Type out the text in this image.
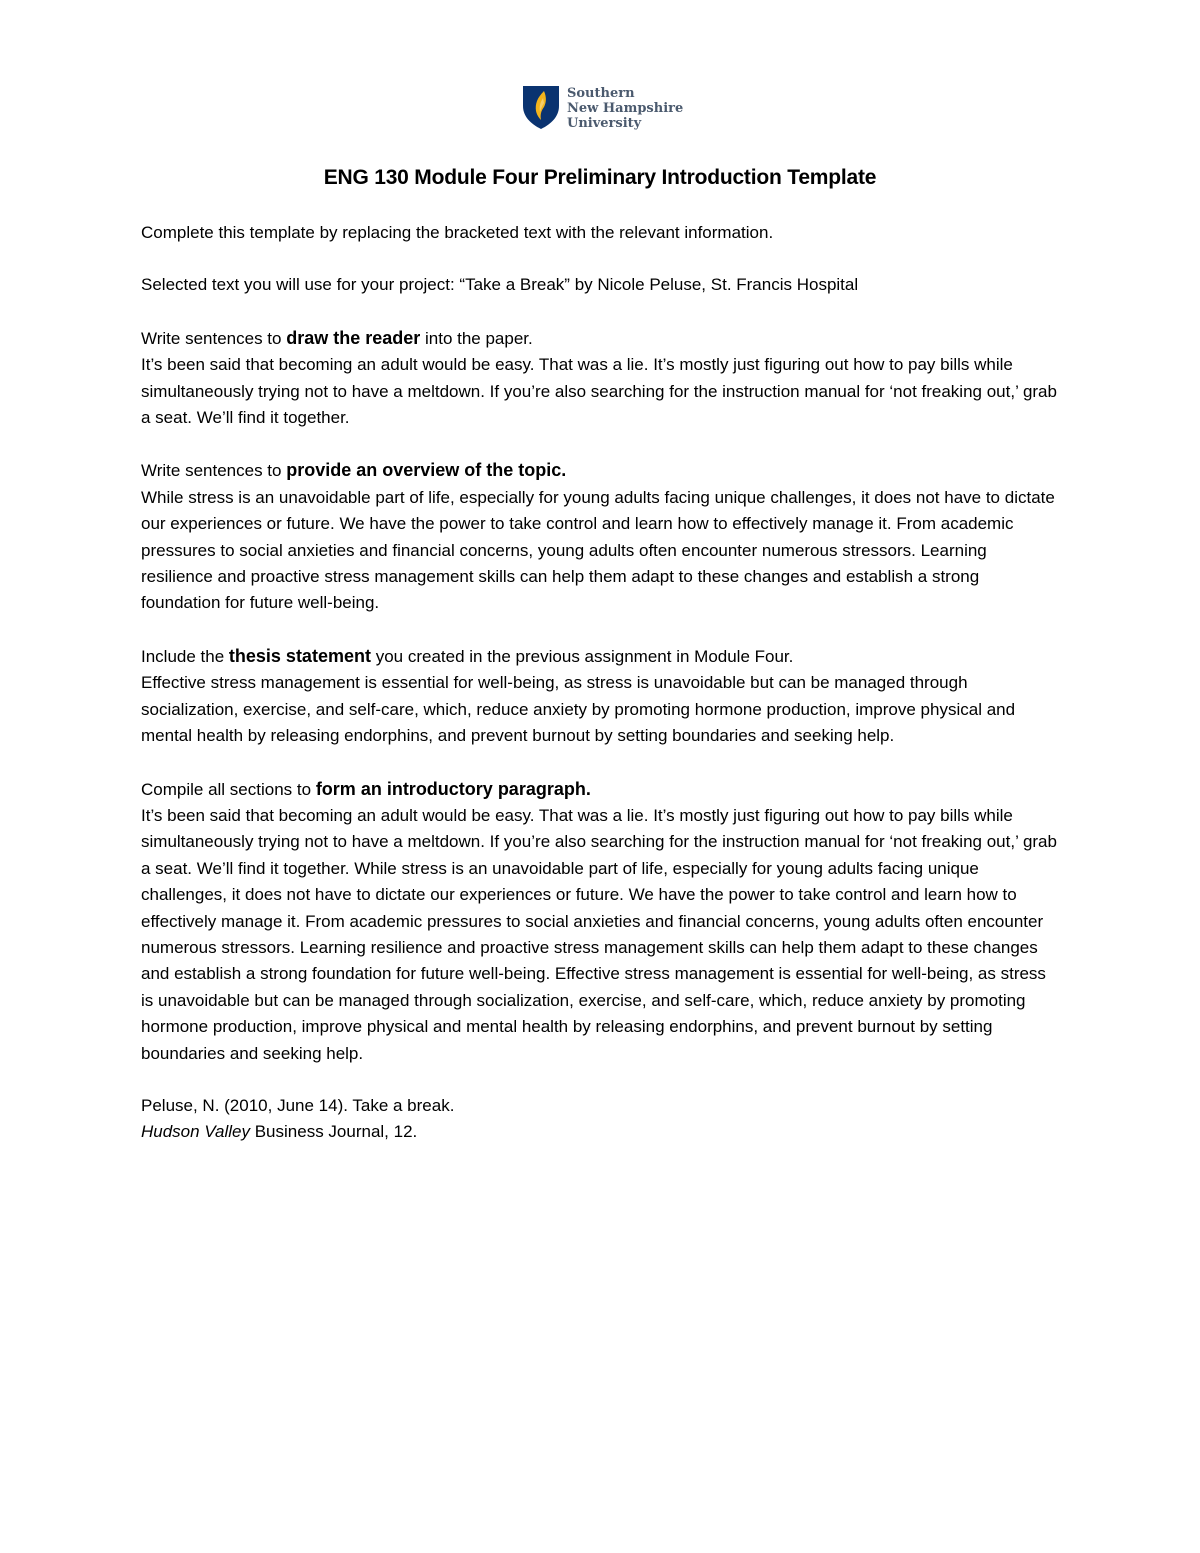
Southern
New Hampshire
University
ENG 130 Module Four Preliminary Introduction Template

Complete this template by replacing the bracketed text with the relevant information.

Selected text you will use for your project: “Take a Break” by Nicole Peluse, St. Francis Hospital

Write sentences to draw the reader into the paper.

It’s been said that becoming an adult would be easy. That was a lie. It’s mostly just figuring out how to pay bills while simultaneously trying not to have a meltdown. If you’re also searching for the instruction manual for ‘not freaking out,’ grab a seat. We’ll find it together.

Write sentences to provide an overview of the topic.

While stress is an unavoidable part of life, especially for young adults facing unique challenges, it does not have to dictate our experiences or future. We have the power to take control and learn how to effectively manage it. From academic pressures to social anxieties and financial concerns, young adults often encounter numerous stressors. Learning resilience and proactive stress management skills can help them adapt to these changes and establish a strong foundation for future well-being.

Include the thesis statement you created in the previous assignment in Module Four.

Effective stress management is essential for well-being, as stress is unavoidable but can be managed through socialization, exercise, and self-care, which, reduce anxiety by promoting hormone production, improve physical and mental health by releasing endorphins, and prevent burnout by setting boundaries and seeking help.

Compile all sections to form an introductory paragraph.

It’s been said that becoming an adult would be easy. That was a lie. It’s mostly just figuring out how to pay bills while simultaneously trying not to have a meltdown. If you’re also searching for the instruction manual for ‘not freaking out,’ grab a seat. We’ll find it together. While stress is an unavoidable part of life, especially for young adults facing unique challenges, it does not have to dictate our experiences or future. We have the power to take control and learn how to effectively manage it. From academic pressures to social anxieties and financial concerns, young adults often encounter numerous stressors. Learning resilience and proactive stress management skills can help them adapt to these changes and establish a strong foundation for future well-being. Effective stress management is essential for well-being, as stress is unavoidable but can be managed through socialization, exercise, and self-care, which, reduce anxiety by promoting hormone production, improve physical and mental health by releasing endorphins, and prevent burnout by setting boundaries and seeking help.

Peluse, N. (2010, June 14). Take a break.

Hudson Valley Business Journal, 12.
